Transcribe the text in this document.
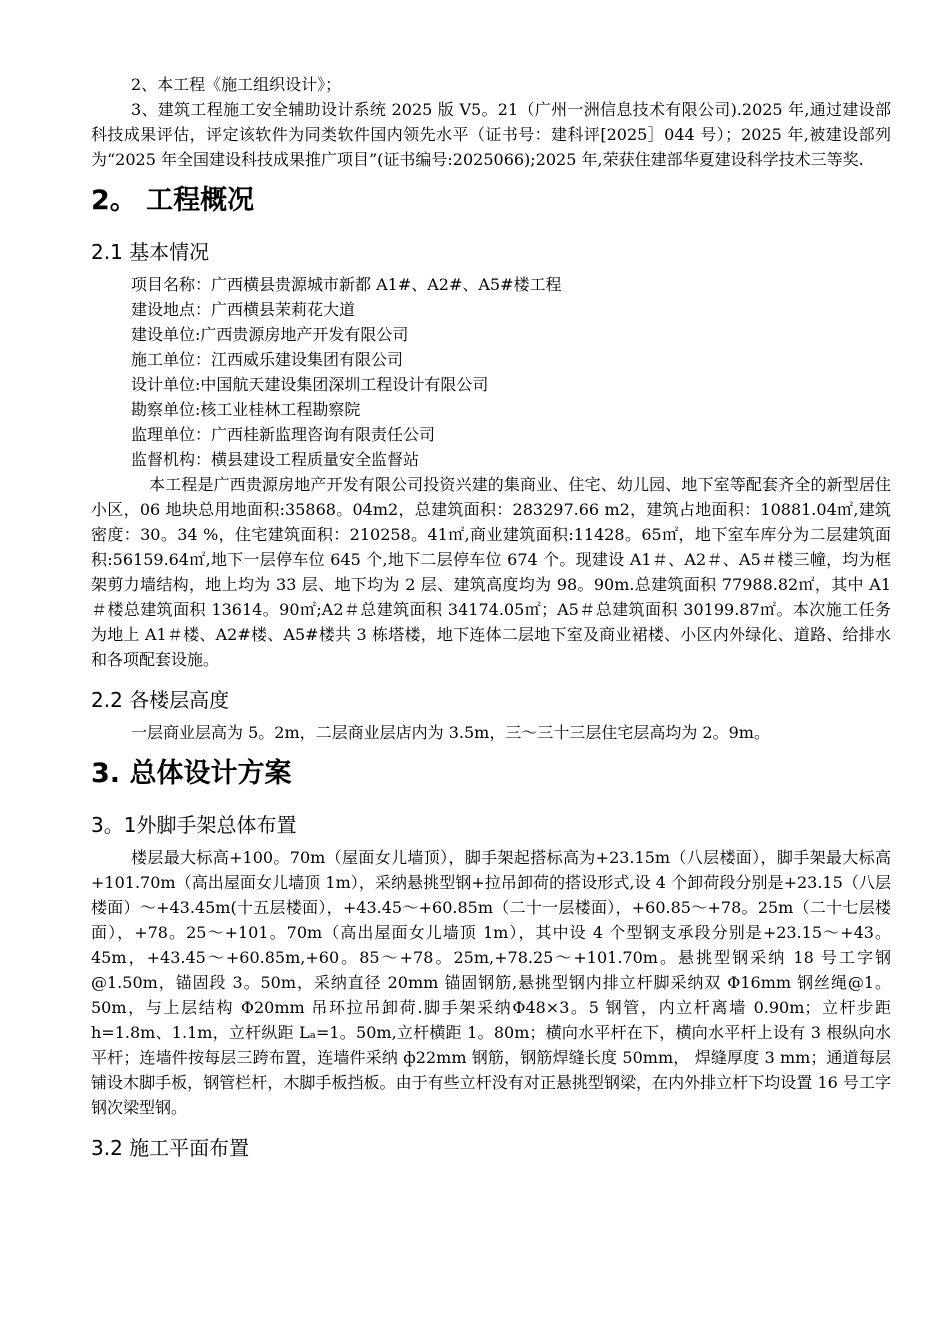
2、本工程《施工组织设计》；

3、建筑工程施工安全辅助设计系统 2025 版 V5。21（广州一洲信息技术有限公司).2025 年,通过建设部科技成果评估，评定该软件为同类软件国内领先水平（证书号：建科评[2025］044 号）；2025 年,被建设部列为“2025 年全国建设科技成果推广项目”(证书编号:2025066);2025 年,荣获住建部华夏建设科学技术三等奖.

2。 工程概况
2.1 基本情况

项目名称：广西横县贵源城市新都 A1#、A2#、A5#楼工程

建设地点：广西横县茉莉花大道

建设单位:广西贵源房地产开发有限公司

施工单位：江西威乐建设集团有限公司

设计单位:中国航天建设集团深圳工程设计有限公司

勘察单位:核工业桂林工程勘察院

监理单位：广西桂新监理咨询有限责任公司

监督机构：横县建设工程质量安全监督站

本工程是广西贵源房地产开发有限公司投资兴建的集商业、住宅、幼儿园、地下室等配套齐全的新型居住小区，06 地块总用地面积:35868。04m2，总建筑面积：283297.66 m2，建筑占地面积：10881.04㎡,建筑密度：30。34 %，住宅建筑面积：210258。41㎡,商业建筑面积:11428。65㎡，地下室车库分为二层建筑面积:56159.64㎡,地下一层停车位 645 个,地下二层停车位 674 个。现建设 A1＃、A2＃、A5＃楼三幢，均为框架剪力墙结构，地上均为 33 层、地下均为 2 层、建筑高度均为 98。90m.总建筑面积 77988.82㎡，其中 A1＃楼总建筑面积 13614。90㎡;A2＃总建筑面积 34174.05㎡；A5＃总建筑面积 30199.87㎡。本次施工任务为地上 A1＃楼、A2#楼、A5#楼共 3 栋塔楼，地下连体二层地下室及商业裙楼、小区内外绿化、道路、给排水和各项配套设施。

2.2 各楼层高度

一层商业层高为 5。2m，二层商业层店内为 3.5m，三～三十三层住宅层高均为 2。9m。

3. 总体设计方案
3。1外脚手架总体布置

楼层最大标高+100。70m（屋面女儿墙顶），脚手架起搭标高为+23.15m（八层楼面），脚手架最大标高+101.70m（高出屋面女儿墙顶 1m），采纳悬挑型钢+拉吊卸荷的搭设形式,设 4 个卸荷段分别是+23.15（八层楼面）～+43.45m(十五层楼面），+43.45～+60.85m（二十一层楼面），+60.85～+78。25m（二十七层楼面），+78。25～+101。70m（高出屋面女儿墙顶 1m），其中设 4 个型钢支承段分别是+23.15～+43。45m，+43.45～+60.85m,+60。85～+78。25m,+78.25～+101.70m。悬挑型钢采纳 18 号工字钢@1.50m，锚固段 3。50m，采纳直径 20mm 锚固钢筋,悬挑型钢内排立杆脚采纳双 Φ16mm 钢丝绳@1。50m，与上层结构 Φ20mm 吊环拉吊卸荷.脚手架采纳Φ48×3。5 钢管，内立杆离墙 0.90m；立杆步距 h=1.8m、1.1m，立杆纵距 Lₐ=1。50m,立杆横距 1。80m；横向水平杆在下，横向水平杆上设有 3 根纵向水平杆；连墙件按每层三跨布置，连墙件采纳 ф22mm 钢筋，钢筋焊缝长度 50mm， 焊缝厚度 3 mm；通道每层铺设木脚手板，钢管栏杆，木脚手板挡板。由于有些立杆没有对正悬挑型钢梁，在内外排立杆下均设置 16 号工字钢次梁型钢。

3.2 施工平面布置
